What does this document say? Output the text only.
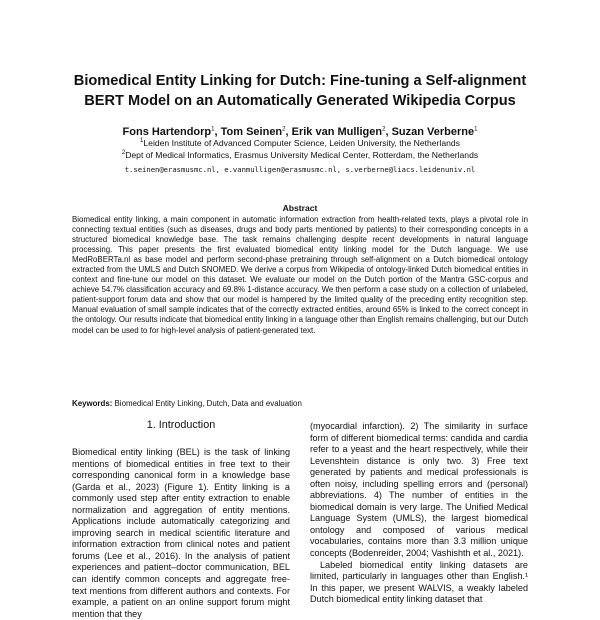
Biomedical Entity Linking for Dutch: Fine-tuning a Self-alignment
BERT Model on an Automatically Generated Wikipedia Corpus
Fons Hartendorp$^1$, Tom Seinen$^2$, Erik van Mulligen$^2$, Suzan Verberne$^1$
$^1$Leiden Institute of Advanced Computer Science, Leiden University, the Netherlands
$^2$Dept of Medical Informatics, Erasmus University Medical Center, Rotterdam, the Netherlands
t.seinen@erasmusmc.nl, e.vanmulligen@erasmusmc.nl, s.verberne@liacs.leidenuniv.nl
Abstract

Biomedical entity linking, a main component in automatic information extraction from health-related texts, plays a pivotal role in connecting textual entities (such as diseases, drugs and body parts mentioned by patients) to their corresponding concepts in a structured biomedical knowledge base. The task remains challenging despite recent developments in natural language processing. This paper presents the first evaluated biomedical entity linking model for the Dutch language. We use MedRoBERTa.nl as base model and perform second-phase pretraining through self-alignment on a Dutch biomedical ontology extracted from the UMLS and Dutch SNOMED. We derive a corpus from Wikipedia of ontology-linked Dutch biomedical entities in context and fine-tune our model on this dataset. We evaluate our model on the Dutch portion of the Mantra GSC-corpus and achieve 54.7% classification accuracy and 69.8% 1-distance accuracy. We then perform a case study on a collection of unlabeled, patient-support forum data and show that our model is hampered by the limited quality of the preceding entity recognition step. Manual evaluation of small sample indicates that of the correctly extracted entities, around 65% is linked to the correct concept in the ontology. Our results indicate that biomedical entity linking in a language other than English remains challenging, but our Dutch model can be used to for high-level analysis of patient-generated text.

Keywords: Biomedical Entity Linking, Dutch, Data and evaluation

1. Introduction

Biomedical entity linking (BEL) is the task of linking mentions of biomedical entities in free text to their corresponding canonical form in a knowledge base (Garda et al., 2023) (Figure 1). Entity linking is a commonly used step after entity extraction to enable normalization and aggregation of entity mentions. Applications include automatically categorizing and improving search in medical scientific literature and information extraction from clinical notes and patient forums (Lee et al., 2016). In the analysis of patient experiences and patient–doctor communication, BEL can identify common concepts and aggregate free-text mentions from different authors and contexts. For example, a patient on an online support forum might mention that they

(myocardial infarction). 2) The similarity in surface form of different biomedical terms: candida and cardia refer to a yeast and the heart respectively, while their Levenshtein distance is only two. 3) Free text generated by patients and medical professionals is often noisy, including spelling errors and (personal) abbreviations. 4) The number of entities in the biomedical domain is very large. The Unified Medical Language System (UMLS), the largest biomedical ontology and composed of various medical vocabularies, contains more than 3.3 million unique concepts (Bodenreider, 2004; Vashishth et al., 2021).

Labeled biomedical entity linking datasets are limited, particularly in languages other than English.¹ In this paper, we present WALVIS, a weakly labeled Dutch biomedical entity linking dataset that
